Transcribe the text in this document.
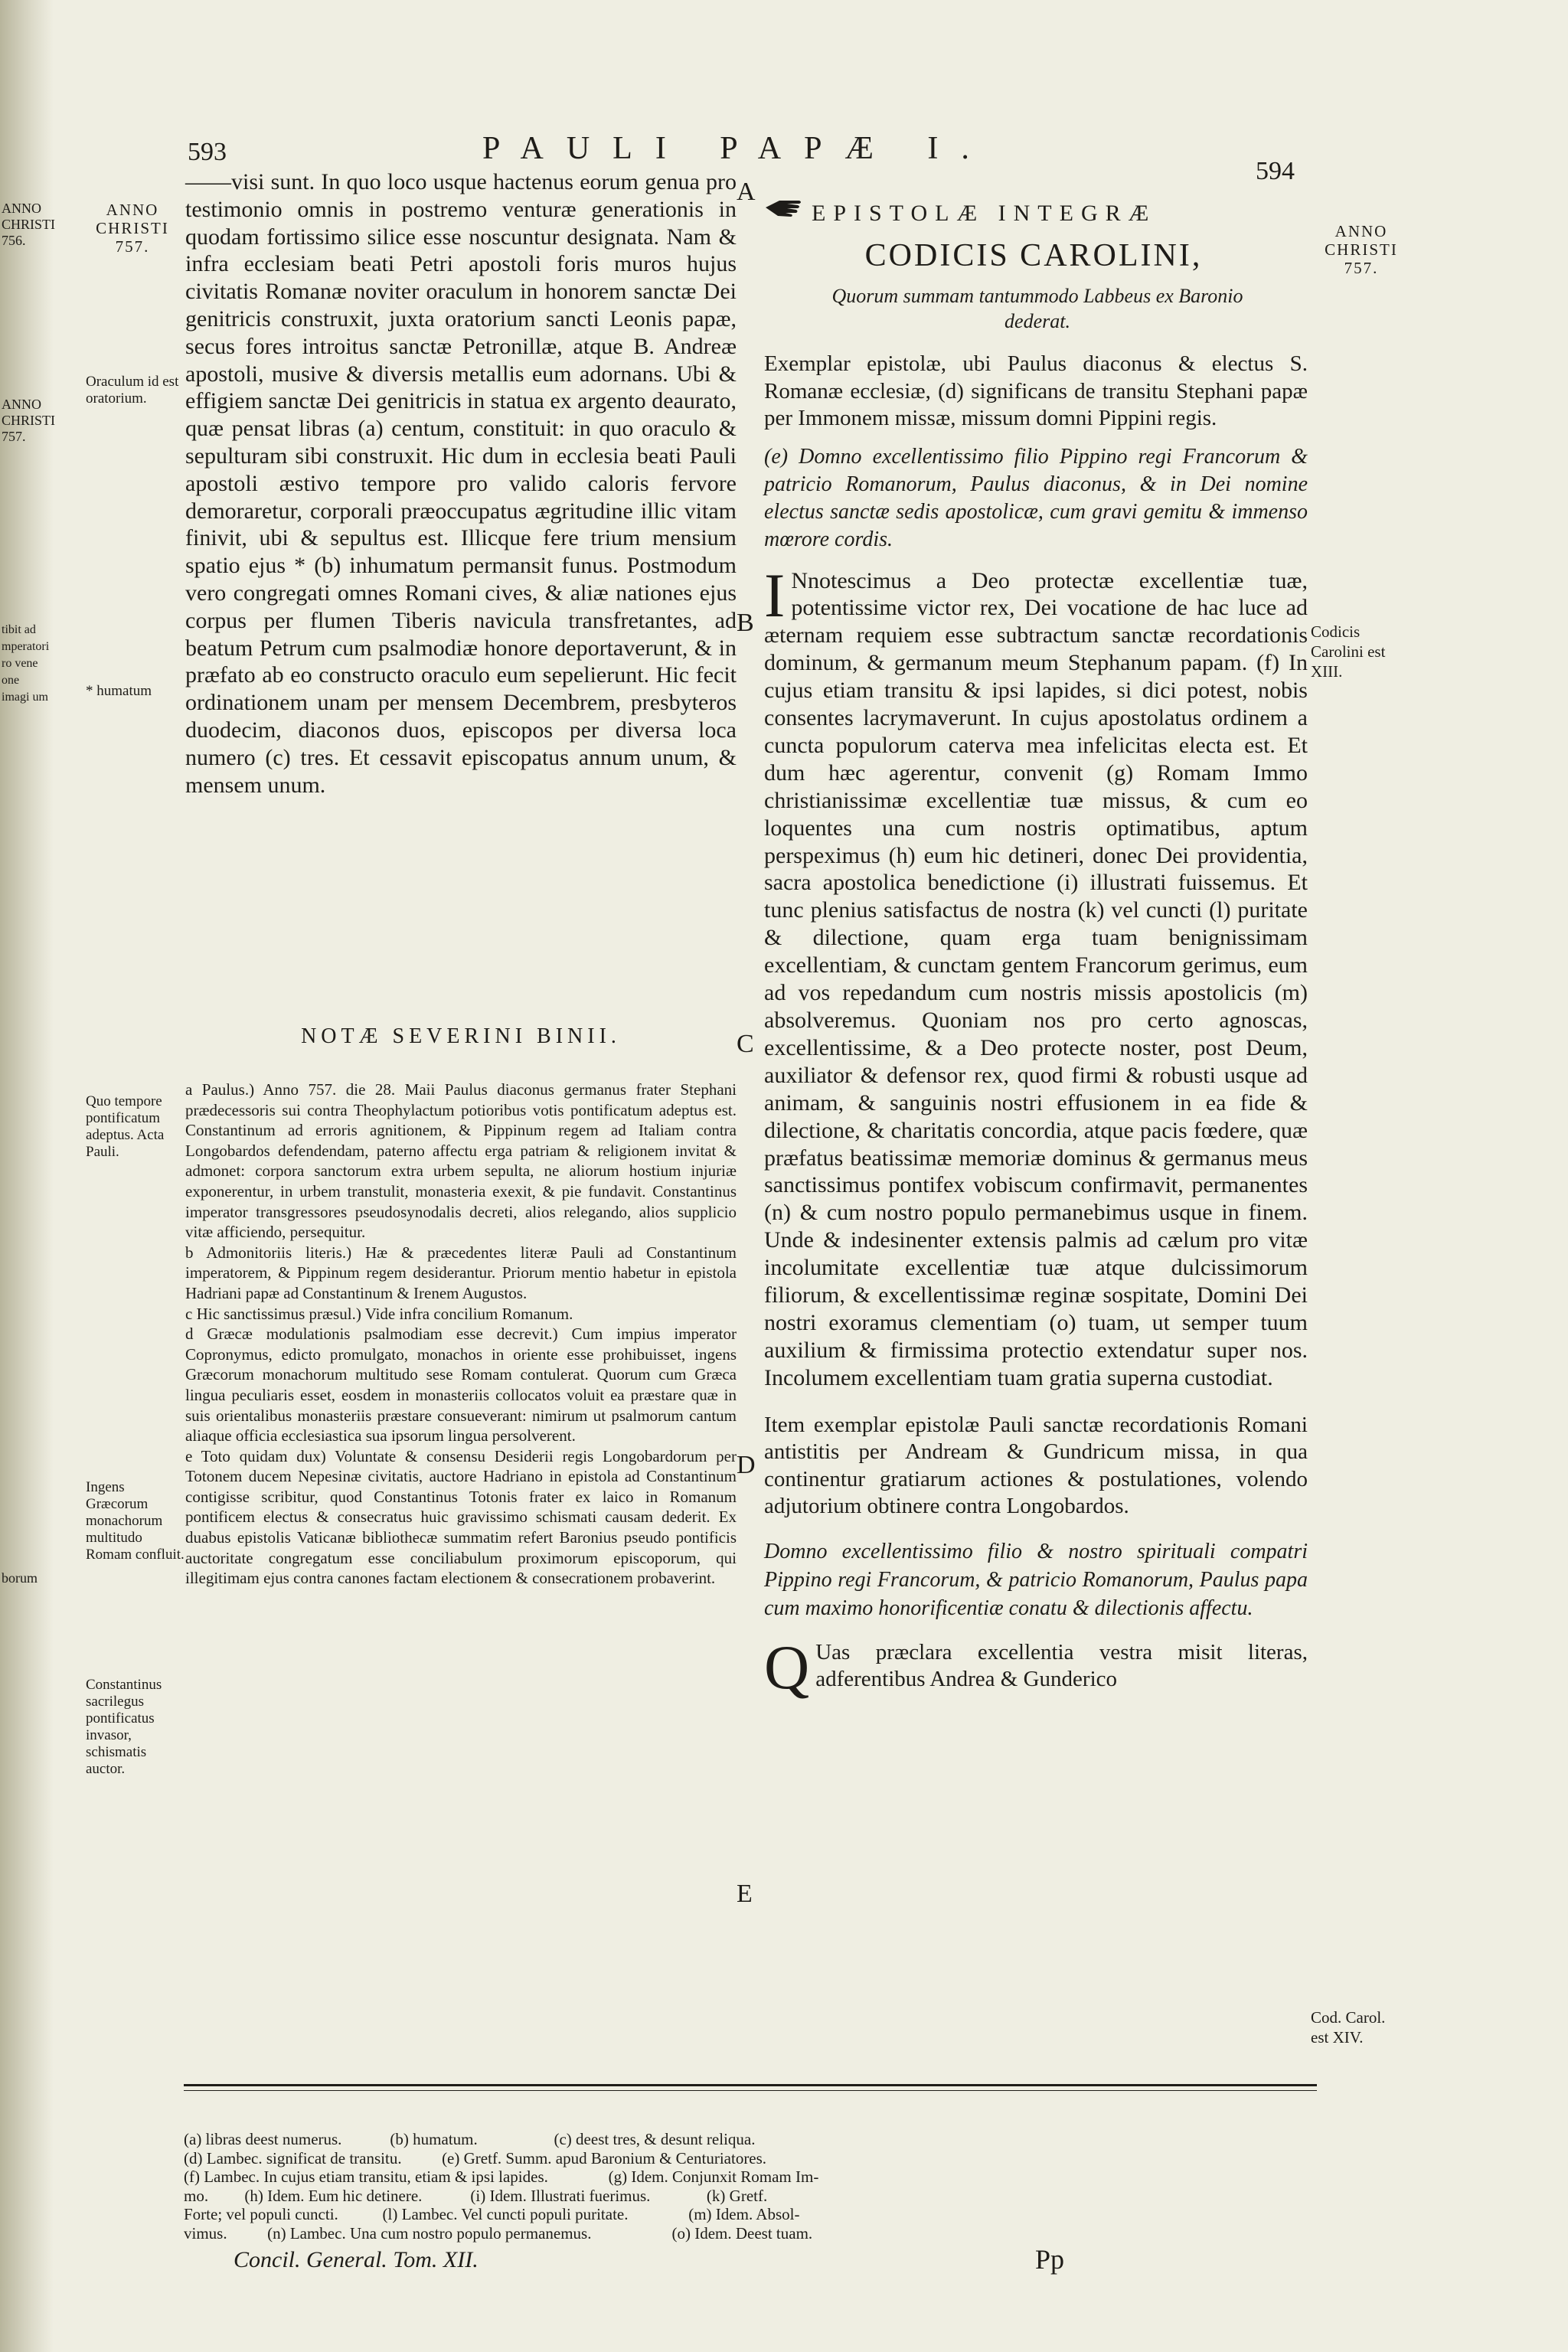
ANNO CHRISTI 756.
ANNO CHRISTI 757.
tibit ad mperatori ro vene one imagi um
borum
593	PAULI PAPÆ I.
594
ANNO CHRISTI 757.
ANNO CHRISTI 757.

——visi sunt. In quo loco usque hactenus eorum genua pro testimonio omnis in postremo venturæ generationis in quodam fortissimo silice esse noscuntur designata. Nam & infra ecclesiam beati Petri apostoli foris muros hujus civitatis Romanæ noviter oraculum in honorem sanctæ Dei genitricis construxit, juxta oratorium sancti Leonis papæ, secus fores introitus sanctæ Petronillæ, atque B. Andreæ apostoli, musive & diversis metallis eum adornans. Ubi & effigiem sanctæ Dei genitricis in statua ex argento deaurato, quæ pensat libras (a) centum, constituit: in quo oraculo & sepulturam sibi construxit. Hic dum in ecclesia beati Pauli apostoli æstivo tempore pro valido caloris fervore demoraretur, corporali præoccupatus ægritudine illic vitam finivit, ubi & sepultus est. Illicque fere trium mensium spatio ejus * (b) inhumatum permansit funus. Postmodum vero congregati omnes Romani cives, & aliæ nationes ejus corpus per flumen Tiberis navicula transfretantes, ad beatum Petrum cum psalmodiæ honore deportaverunt, & in præfato ab eo constructo oraculo eum sepelierunt. Hic fecit ordinationem unam per mensem Decembrem, presbyteros duodecim, diaconos duos, episcopos per diversa loca numero (c) tres. Et cessavit episcopatus annum unum, & mensem unum.

Oraculum id est oratorium.
* humatum
NOTÆ SEVERINI BINII.

a Paulus.) Anno 757. die 28. Maii Paulus diaconus germanus frater Stephani prædecessoris sui contra Theophylactum potioribus votis pontificatum adeptus est. Constantinum ad erroris agnitionem, & Pippinum regem ad Italiam contra Longobardos defendendam, paterno affectu erga patriam & religionem invitat & admonet: corpora sanctorum extra urbem sepulta, ne aliorum hostium injuriæ exponerentur, in urbem transtulit, monasteria exexit, & pie fundavit. Constantinus imperator transgressores pseudosynodalis decreti, alios relegando, alios supplicio vitæ afficiendo, persequitur.

b Admonitoriis literis.) Hæ & præcedentes literæ Pauli ad Constantinum imperatorem, & Pippinum regem desiderantur. Priorum mentio habetur in epistola Hadriani papæ ad Constantinum & Irenem Augustos.

c Hic sanctissimus præsul.) Vide infra concilium Romanum.

d Græcæ modulationis psalmodiam esse decrevit.) Cum impius imperator Copronymus, edicto promulgato, monachos in oriente esse prohibuisset, ingens Græcorum monachorum multitudo sese Romam contulerat. Quorum cum Græca lingua peculiaris esset, eosdem in monasteriis collocatos voluit ea præstare quæ in suis orientalibus monasteriis præstare consueverant: nimirum ut psalmorum cantum aliaque officia ecclesiastica sua ipsorum lingua persolverent.

e Toto quidam dux) Voluntate & consensu Desiderii regis Longobardorum per Totonem ducem Nepesinæ civitatis, auctore Hadriano in epistola ad Constantinum contigisse scribitur, quod Constantinus Totonis frater ex laico in Romanum pontificem electus & consecratus huic gravissimo schismati causam dederit. Ex duabus epistolis Vaticanæ bibliothecæ summatim refert Baronius pseudo pontificis auctoritate congregatum esse conciliabulum proximorum episcoporum, qui illegitimam ejus contra canones factam electionem & consecrationem probaverint.

Quo tempore pontificatum adeptus. Acta Pauli.
Ingens Græcorum monachorum multitudo Romam confluit.
Constantinus sacrilegus pontificatus invasor, schismatis auctor.
A
B
C
D
E
EPISTOLÆ INTEGRÆ
CODICIS CAROLINI,
Quorum summam tantummodo Labbeus ex Baronio dederat.

Exemplar epistolæ, ubi Paulus diaconus & electus S. Romanæ ecclesiæ, (d) significans de transitu Stephani papæ per Immonem missæ, missum domni Pippini regis.

(e) Domno excellentissimo filio Pippino regi Francorum & patricio Romanorum, Paulus diaconus, & in Dei nomine electus sanctæ sedis apostolicæ, cum gravi gemitu & immenso mœrore cordis.

I Nnotescimus a Deo protectæ excellentiæ tuæ, potentissime victor rex, Dei vocatione de hac luce ad æternam requiem esse subtractum sanctæ recordationis dominum, & germanum meum Stephanum papam. (f) In cujus etiam transitu & ipsi lapides, si dici potest, nobis consentes lacrymaverunt. In cujus apostolatus ordinem a cuncta populorum caterva mea infelicitas electa est. Et dum hæc agerentur, convenit (g) Romam Immo christianissimæ excellentiæ tuæ missus, & cum eo loquentes una cum nostris optimatibus, aptum perspeximus (h) eum hic detineri, donec Dei providentia, sacra apostolica benedictione (i) illustrati fuissemus. Et tunc plenius satisfactus de nostra (k) vel cuncti (l) puritate & dilectione, quam erga tuam benignissimam excellentiam, & cunctam gentem Francorum gerimus, eum ad vos repedandum cum nostris missis apostolicis (m) absolveremus. Quoniam nos pro certo agnoscas, excellentissime, & a Deo protecte noster, post Deum, auxiliator & defensor rex, quod firmi & robusti usque ad animam, & sanguinis nostri effusionem in ea fide & dilectione, & charitatis concordia, atque pacis fœdere, quæ præfatus beatissimæ memoriæ dominus & germanus meus sanctissimus pontifex vobiscum confirmavit, permanentes (n) & cum nostro populo permanebimus usque in finem. Unde & indesinenter extensis palmis ad cælum pro vitæ incolumitate excellentiæ tuæ atque dulcissimorum filiorum, & excellentissimæ reginæ sospitate, Domini Dei nostri exoramus clementiam (o) tuam, ut semper tuum auxilium & firmissima protectio extendatur super nos. Incolumem excellentiam tuam gratia superna custodiat.

Item exemplar epistolæ Pauli sanctæ recordationis Romani antistitis per Andream & Gundricum missa, in qua continentur gratiarum actiones & postulationes, volendo adjutorium obtinere contra Longobardos.

Domno excellentissimo filio & nostro spirituali compatri Pippino regi Francorum, & patricio Romanorum, Paulus papa cum maximo honorificentiæ conatu & dilectionis affectu.

Q Uas præclara excellentia vestra misit literas, adferentibus Andrea & Gunderico

Codicis Carolini est XIII.
Cod. Carol. est XIV.

(a) libras deest numerus.            (b) humatum.                   (c) deest tres, & desunt reliqua.

(d) Lambec. significat de transitu.          (e) Gretf. Summ. apud Baronium & Centuriatores.

(f) Lambec. In cujus etiam transitu, etiam & ipsi lapides.               (g) Idem. Conjunxit Romam Im-

mo.         (h) Idem. Eum hic detinere.            (i) Idem. Illustrati fuerimus.              (k) Gretf.

Forte; vel populi cuncti.           (l) Lambec. Vel cuncti populi puritate.               (m) Idem. Absol-

vimus.          (n) Lambec. Una cum nostro populo permanemus.                    (o) Idem. Deest tuam.

Concil. General. Tom. XII.	Pp
